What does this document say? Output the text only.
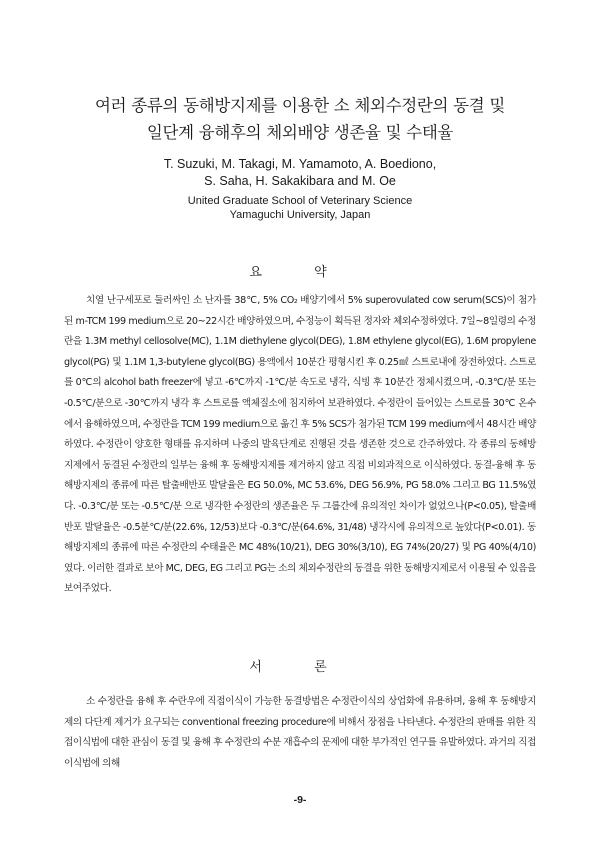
여러 종류의 동해방지제를 이용한 소 체외수정란의 동결 및

일단계 융해후의 체외배양 생존율 및 수태율

T. Suzuki, M. Takagi, M. Yamamoto, A. Boediono,
S. Saha, H. Sakakibara and M. Oe
United Graduate School of Veterinary Science
Yamaguchi University, Japan
요 약

치열 난구세포로 둘러싸인 소 난자를 38℃, 5% CO₂ 배양기에서 5% superovulated cow serum(SCS)이 첨가된 m-TCM 199 medium으로 20~22시간 배양하였으며, 수정능이 획득된 정자와 체외수정하였다. 7일~8일령의 수정란을 1.3M methyl cellosolve(MC), 1.1M diethylene glycol(DEG), 1.8M ethylene glycol(EG), 1.6M propylene glycol(PG) 및 1.1M 1,3-butylene glycol(BG) 용액에서 10분간 평형시킨 후 0.25㎖ 스트로내에 장전하였다. 스트로를 0℃의 alcohol bath freezer에 넣고 -6℃까지 -1℃/분 속도로 냉각, 식빙 후 10분간 정체시켰으며, -0.3℃/분 또는 -0.5℃/분으로 -30℃까지 냉각 후 스트로를 액체질소에 침지하여 보관하였다. 수정란이 들어있는 스트로를 30℃ 온수에서 융해하였으며, 수정란을 TCM 199 medium으로 옮긴 후 5% SCS가 첨가된 TCM 199 medium에서 48시간 배양하였다. 수정란이 양호한 형태를 유지하며 나중의 발육단계로 진행된 것을 생존한 것으로 간주하였다. 각 종류의 동해방지제에서 동결된 수정란의 일부는 융해 후 동해방지제를 제거하지 않고 직접 비외과적으로 이식하였다. 동결-융해 후 동해방지제의 종류에 따른 탈출배반포 발달율은 EG 50.0%, MC 53.6%, DEG 56.9%, PG 58.0% 그리고 BG 11.5%였다. -0.3℃/분 또는 -0.5℃/분 으로 냉각한 수정란의 생존율은 두 그룹간에 유의적인 차이가 없었으나(P<0.05), 탈출배반포 발달율은 -0.5분℃/분(22.6%, 12/53)보다 -0.3℃/분(64.6%, 31/48) 냉각시에 유의적으로 높았다(P<0.01). 동해방지제의 종류에 따른 수정란의 수태율은 MC 48%(10/21), DEG 30%(3/10), EG 74%(20/27) 및 PG 40%(4/10) 였다. 이러한 결과로 보아 MC, DEG, EG 그리고 PG는 소의 체외수정란의 동결을 위한 동해방지제로서 이용될 수 있음을 보여주었다.

서 론

소 수정란을 융해 후 수란우에 직접이식이 가능한 동결방법은 수정란이식의 상업화에 유용하며, 융해 후 동해방지제의 다단계 제거가 요구되는 conventional freezing procedure에 비해서 장점을 나타낸다. 수정란의 판매를 위한 직접이식법에 대한 관심이 동결 및 융해 후 수정란의 수분 재흡수의 문제에 대한 부가적인 연구를 유발하였다. 과거의 직접 이식법에 의해

-9-
